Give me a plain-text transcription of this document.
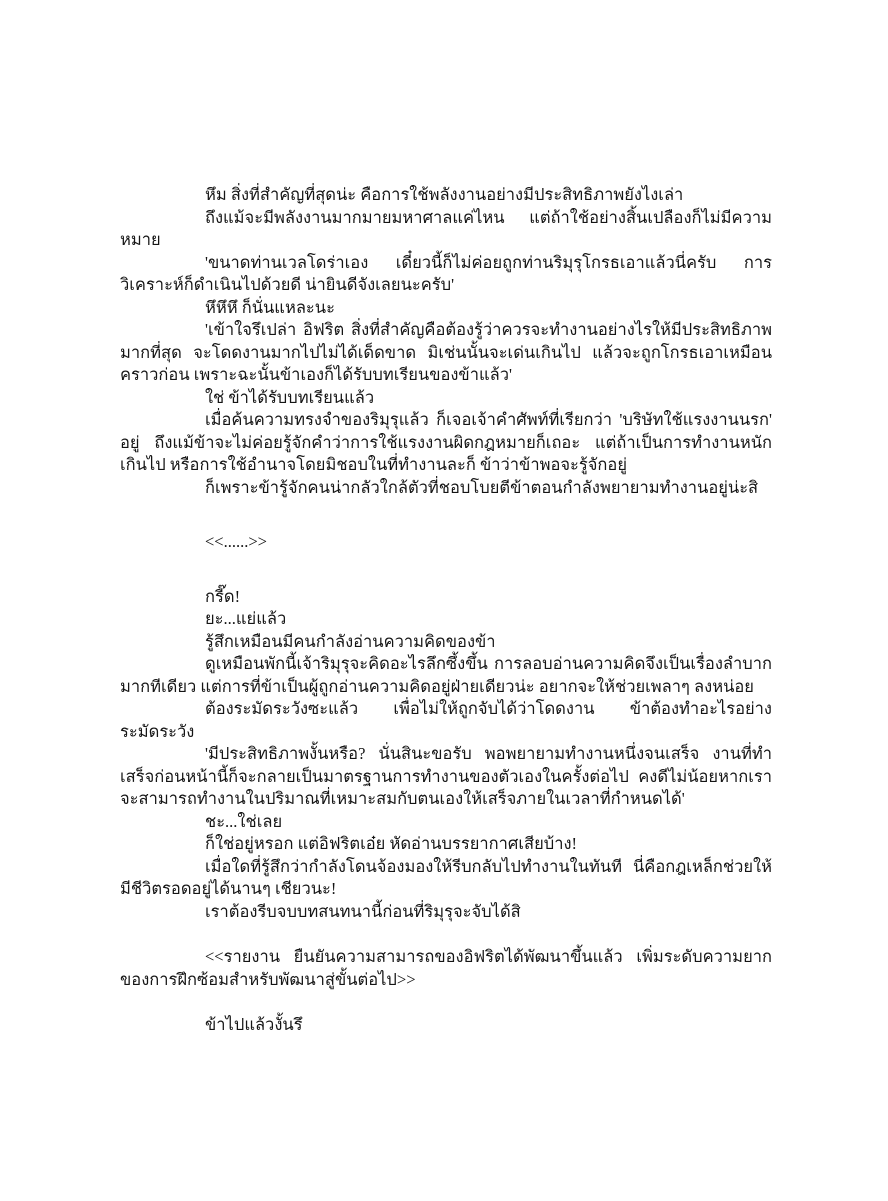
หึม สิ่งที่สำคัญที่สุดน่ะ คือการใช้พลังงานอย่างมีประสิทธิภาพยังไงเล่า

ถึงแม้จะมีพลังงานมากมายมหาศาลแค่ไหน แต่ถ้าใช้อย่างสิ้นเปลืองก็ไม่มีความหมาย

'ขนาดท่านเวลโดร่าเอง เดี๋ยวนี้ก็ไม่ค่อยถูกท่านริมุรุโกรธเอาแล้วนี่ครับ การวิเคราะห์ก็ดำเนินไปด้วยดี น่ายินดีจังเลยนะครับ'

หึหึหึ ก็นั่นแหละนะ

'เข้าใจรึเปล่า อิฟริต สิ่งที่สำคัญคือต้องรู้ว่าควรจะทำงานอย่างไรให้มีประสิทธิภาพมากที่สุด จะโดดงานมากไปไม่ได้เด็ดขาด มิเช่นนั้นจะเด่นเกินไป แล้วจะถูกโกรธเอาเหมือนคราวก่อน เพราะฉะนั้นข้าเองก็ได้รับบทเรียนของข้าแล้ว'

ใช่ ข้าได้รับบทเรียนแล้ว

เมื่อค้นความทรงจำของริมุรุแล้ว ก็เจอเจ้าคำศัพท์ที่เรียกว่า 'บริษัทใช้แรงงานนรก' อยู่ ถึงแม้ข้าจะไม่ค่อยรู้จักคำว่าการใช้แรงงานผิดกฎหมายก็เถอะ แต่ถ้าเป็นการทำงานหนักเกินไป หรือการใช้อำนาจโดยมิชอบในที่ทำงานละก็ ข้าว่าข้าพอจะรู้จักอยู่

ก็เพราะข้ารู้จักคนน่ากลัวใกล้ตัวที่ชอบโบยตีข้าตอนกำลังพยายามทำงานอยู่น่ะสิ

<<......>>

กรี๊ด!

ยะ...แย่แล้ว

รู้สึกเหมือนมีคนกำลังอ่านความคิดของข้า

ดูเหมือนพักนี้เจ้าริมุรุจะคิดอะไรลึกซึ้งขึ้น การลอบอ่านความคิดจึงเป็นเรื่องลำบากมากทีเดียว แต่การที่ข้าเป็นผู้ถูกอ่านความคิดอยู่ฝ่ายเดียวน่ะ อยากจะให้ช่วยเพลาๆ ลงหน่อย

ต้องระมัดระวังซะแล้ว เพื่อไม่ให้ถูกจับได้ว่าโดดงาน ข้าต้องทำอะไรอย่างระมัดระวัง

'มีประสิทธิภาพงั้นหรือ? นั่นสินะขอรับ พอพยายามทำงานหนึ่งจนเสร็จ งานที่ทำเสร็จก่อนหน้านี้ก็จะกลายเป็นมาตรฐานการทำงานของตัวเองในครั้งต่อไป คงดีไม่น้อยหากเราจะสามารถทำงานในปริมาณที่เหมาะสมกับตนเองให้เสร็จภายในเวลาที่กำหนดได้'

ชะ...ใช่เลย

ก็ใช่อยู่หรอก แต่อิฟริตเอ๋ย หัดอ่านบรรยากาศเสียบ้าง!

เมื่อใดที่รู้สึกว่ากำลังโดนจ้องมองให้รีบกลับไปทำงานในทันที นี่คือกฎเหล็กช่วยให้มีชีวิตรอดอยู่ได้นานๆ เชียวนะ!

เราต้องรีบจบบทสนทนานี้ก่อนที่ริมุรุจะจับได้สิ

<<รายงาน ยืนยันความสามารถของอิฟริตได้พัฒนาขึ้นแล้ว เพิ่มระดับความยากของการฝึกซ้อมสำหรับพัฒนาสู่ขั้นต่อไป>>

ข้าไปแล้วงั้นรึ
